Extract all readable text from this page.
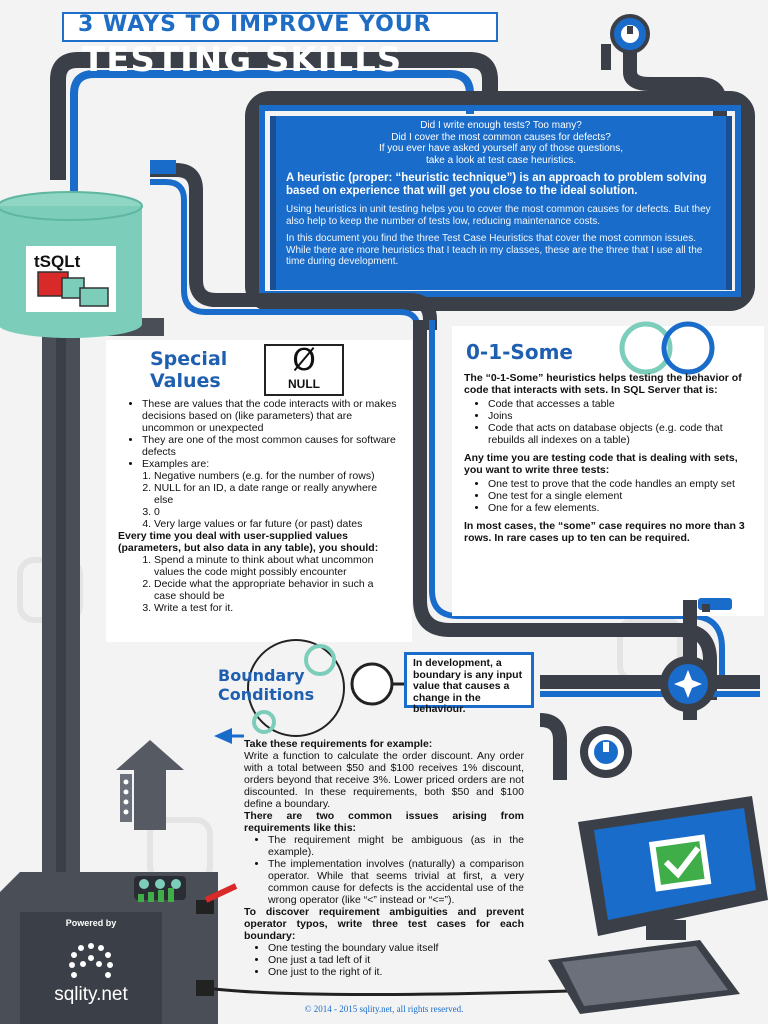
3 WAYS TO IMPROVE YOUR
TESTING SKILLS
Did I write enough tests? Too many?
Did I cover the most common causes for defects?
If you ever have asked yourself any of those questions,
take a look at test case heuristics.
A heuristic (proper: “heuristic technique”) is an approach to problem solving based on experience that will get you close to the ideal solution.
Using heuristics in unit testing helps you to cover the most common causes for defects. But they also help to keep the number of tests low, reducing maintenance costs.
In this document you find the three Test Case Heuristics that cover the most common issues. While there are more heuristics that I teach in my classes, these are the three that I use all the time during development.
tSQLt
Special
Values
Ø
NULL
• These are values that the code interacts with or makes decisions based on (like parameters) that are uncommon or unexpected
• They are one of the most common causes for software defects
• Examples are:
1. Negative numbers (e.g. for the number of rows)
2. NULL for an ID, a date range or really anywhere else
3. 0
4. Very large values or far future (or past) dates
Every time you deal with user-supplied values (parameters, but also data in any table), you should:
1. Spend a minute to think about what uncommon values the code might possibly encounter
2. Decide what the appropriate behavior in such a case should be
3. Write a test for it.
0-1-Some

The “0-1-Some” heuristics helps testing the behavior of code that interacts with sets. In SQL Server that is:

• Code that accesses a table
• Joins
• Code that acts on database objects (e.g. code that rebuilds all indexes on a table)

Any time you are testing code that is dealing with sets, you want to write three tests:

• One test to prove that the code handles an empty set
• One test for a single element
• One for a few elements.

In most cases, the “some” case requires no more than 3 rows. In rare cases up to ten can be required.

Boundary
Conditions
In development, a boundary is any input value that causes a change in the behaviour.

Take these requirements for example:

Write a function to calculate the order discount. Any order with a total between $50 and $100 receives 1% discount, orders beyond that receive 3%. Lower priced orders are not discounted. In these requirements, both $50 and $100 define a boundary.

There are two common issues arising from requirements like this:

• The requirement might be ambiguous (as in the example).
• The implementation involves (naturally) a comparison operator. While that seems trivial at first, a very common cause for defects is the accidental use of the wrong operator (like “<” instead or “<=”).

To discover requirement ambiguities and prevent operator typos, write three test cases for each boundary:

• One testing the boundary value itself
• One just a tad left of it
• One just to the right of it.
Powered by
sqlity.net
© 2014 - 2015 sqlity.net, all rights reserved.
